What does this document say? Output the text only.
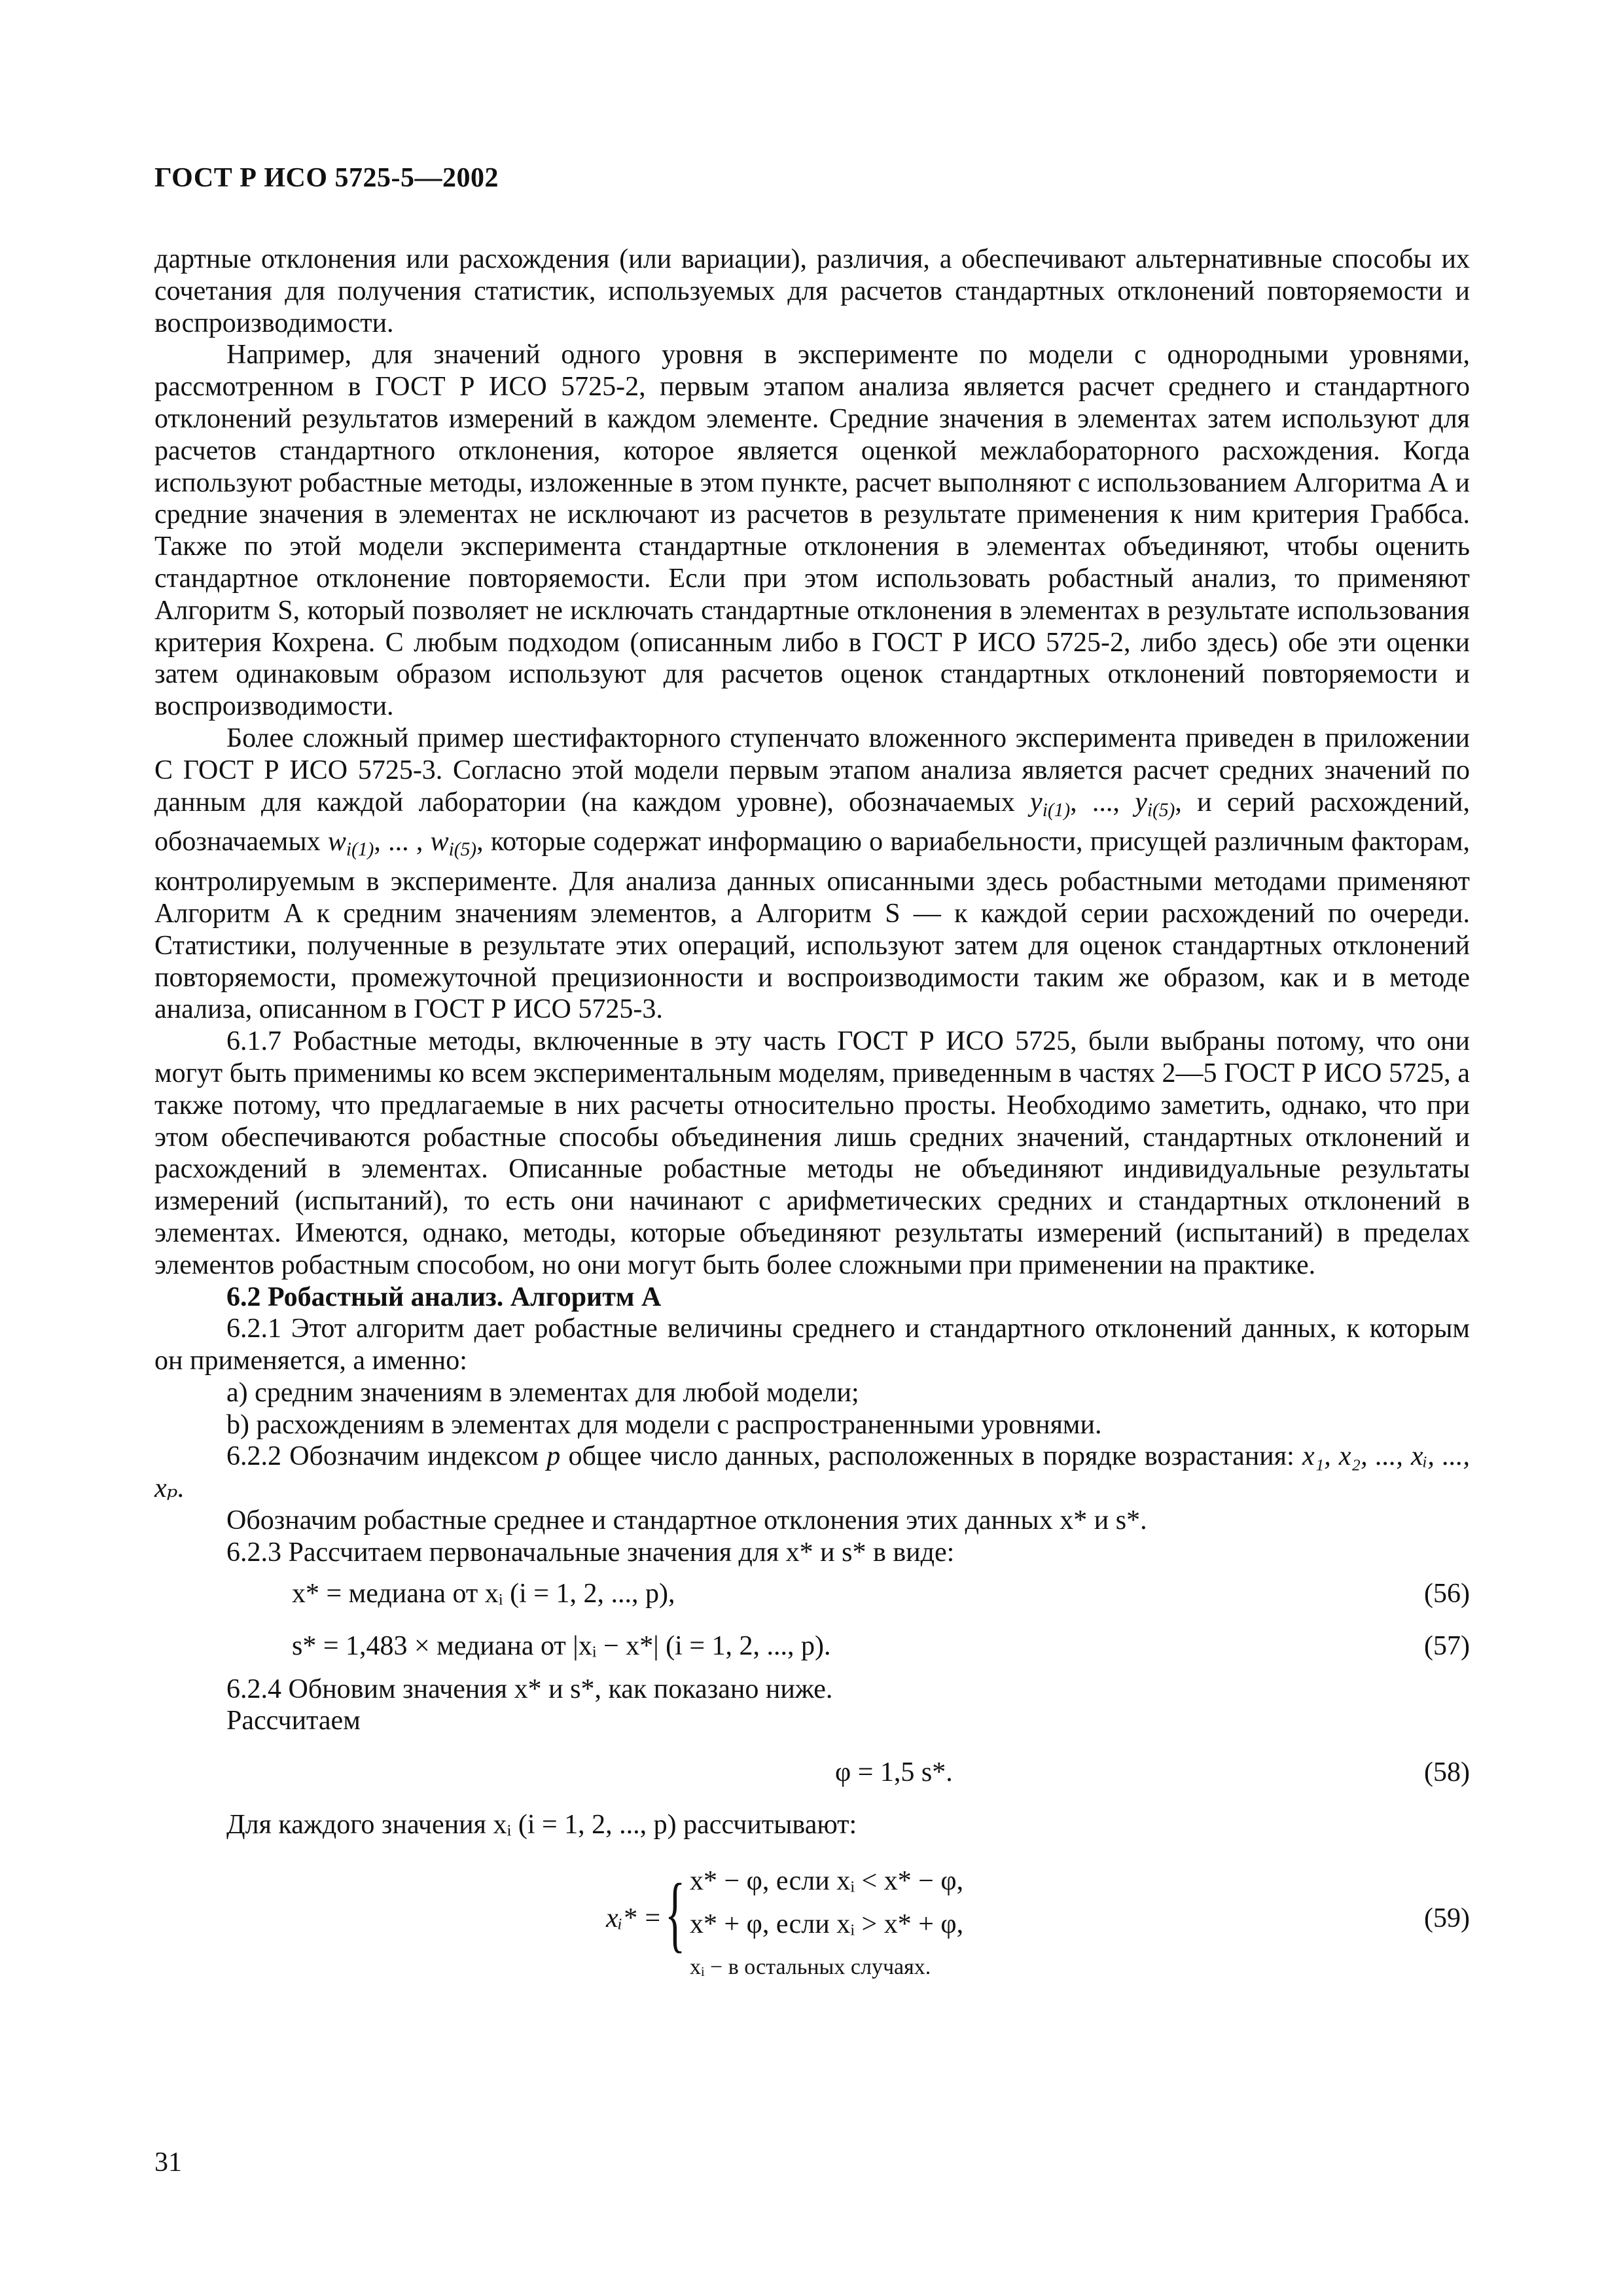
ГОСТ Р ИСО 5725-5—2002

дартные отклонения или расхождения (или вариации), различия, а обеспечивают альтернативные способы их сочетания для получения статистик, используемых для расчетов стандартных отклонений повторяемости и воспроизводимости.

Например, для значений одного уровня в эксперименте по модели с однородными уровнями, рассмотренном в ГОСТ Р ИСО 5725-2, первым этапом анализа является расчет среднего и стандартного отклонений результатов измерений в каждом элементе. Средние значения в элементах затем используют для расчетов стандартного отклонения, которое является оценкой межлабораторного расхождения. Когда используют робастные методы, изложенные в этом пункте, расчет выполняют с использованием Алгоритма А и средние значения в элементах не исключают из расчетов в результате применения к ним критерия Граббса. Также по этой модели эксперимента стандартные отклонения в элементах объединяют, чтобы оценить стандартное отклонение повторяемости. Если при этом использовать робастный анализ, то применяют Алгоритм S, который позволяет не исключать стандартные отклонения в элементах в результате использования критерия Кохрена. С любым подходом (описанным либо в ГОСТ Р ИСО 5725-2, либо здесь) обе эти оценки затем одинаковым образом используют для расчетов оценок стандартных отклонений повторяемости и воспроизводимости.

Более сложный пример шестифакторного ступенчато вложенного эксперимента приведен в приложении С ГОСТ Р ИСО 5725-3. Согласно этой модели первым этапом анализа является расчет средних значений по данным для каждой лаборатории (на каждом уровне), обозначаемых $y_{i(1)}$, ..., $y_{i(5)}$, и серий расхождений, обозначаемых $w_{i(1)}$, ... , $w_{i(5)}$, которые содержат информацию о вариабельности, присущей различным факторам, контролируемым в эксперименте. Для анализа данных описанными здесь робастными методами применяют Алгоритм А к средним значениям элементов, а Алгоритм S — к каждой серии расхождений по очереди. Статистики, полученные в результате этих операций, используют затем для оценок стандартных отклонений повторяемости, промежуточной прецизионности и воспроизводимости таким же образом, как и в методе анализа, описанном в ГОСТ Р ИСО 5725-3.

6.1.7 Робастные методы, включенные в эту часть ГОСТ Р ИСО 5725, были выбраны потому, что они могут быть применимы ко всем экспериментальным моделям, приведенным в частях 2—5 ГОСТ Р ИСО 5725, а также потому, что предлагаемые в них расчеты относительно просты. Необходимо заметить, однако, что при этом обеспечиваются робастные способы объединения лишь средних значений, стандартных отклонений и расхождений в элементах. Описанные робастные методы не объединяют индивидуальные результаты измерений (испытаний), то есть они начинают с арифметических средних и стандартных отклонений в элементах. Имеются, однако, методы, которые объединяют результаты измерений (испытаний) в пределах элементов робастным способом, но они могут быть более сложными при применении на практике.

6.2 Робастный анализ. Алгоритм А

6.2.1 Этот алгоритм дает робастные величины среднего и стандартного отклонений данных, к которым он применяется, а именно:

a) средним значениям в элементах для любой модели;

b) расхождениям в элементах для модели с распространенными уровнями.

6.2.2 Обозначим индексом p общее число данных, расположенных в порядке возрастания: x₁, x₂, ..., xᵢ, ..., xₚ.

Обозначим робастные среднее и стандартное отклонения этих данных x* и s*.

6.2.3 Рассчитаем первоначальные значения для x* и s* в виде:

x* = медиана от xᵢ (i = 1, 2, ..., p),	(56)
s* = 1,483 × медиана от |xᵢ − x*| (i = 1, 2, ..., p).	(57)

6.2.4 Обновим значения x* и s*, как показано ниже.

Рассчитаем

φ = 1,5 s*.	(58)

Для каждого значения xᵢ (i = 1, 2, ..., p) рассчитывают:

xᵢ* = { x* − φ, если xᵢ < x* − φ,
x* + φ, если xᵢ > x* + φ,
xᵢ − в остальных случаях.
(59)
31
